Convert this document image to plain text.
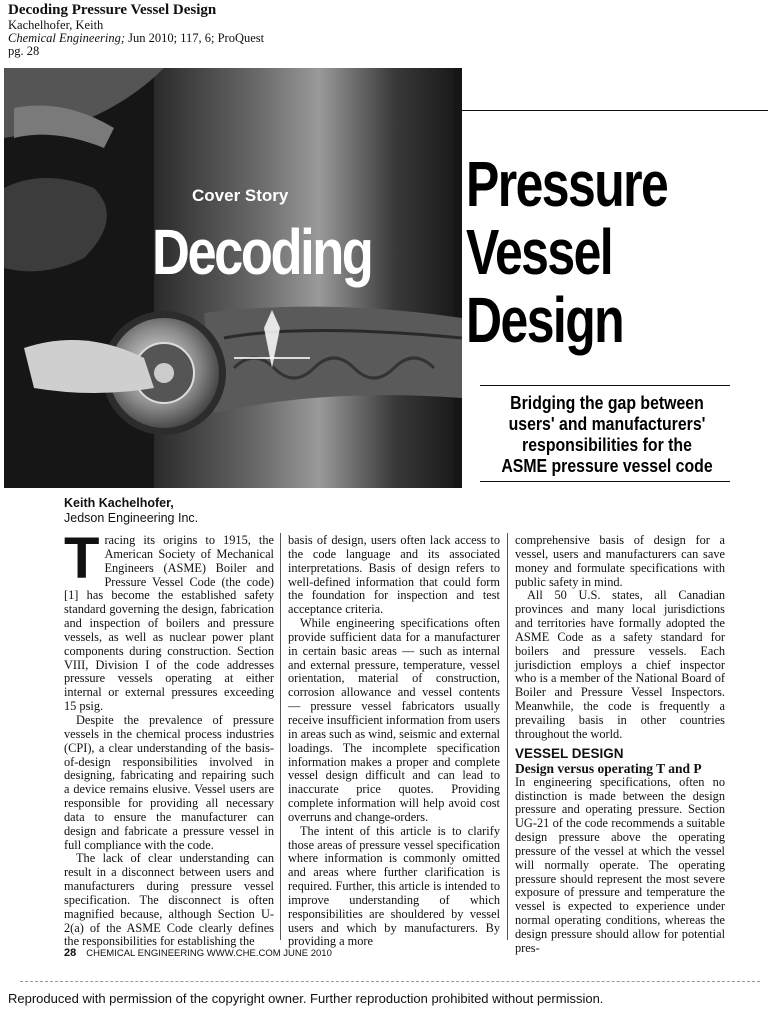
Decoding Pressure Vessel Design
Kachelhofer, Keith
Chemical Engineering; Jun 2010; 117, 6; ProQuest
pg. 28
Cover Story
Decoding
Pressure
Vessel
Design
Bridging the gap between
users' and manufacturers'
responsibilities for the
ASME pressure vessel code
Keith Kachelhofer,
Jedson Engineering Inc.

Tracing its origins to 1915, the American Society of Mechanical Engineers (ASME) Boiler and Pressure Vessel Code (the code) [1] has become the established safety standard governing the design, fabrication and inspection of boilers and pressure vessels, as well as nuclear power plant components during construction. Section VIII, Division I of the code addresses pressure vessels operating at either internal or external pressures exceeding 15 psig.

Despite the prevalence of pressure vessels in the chemical process industries (CPI), a clear understanding of the basis-of-design responsibilities involved in designing, fabricating and repairing such a device remains elusive. Vessel users are responsible for providing all necessary data to ensure the manufacturer can design and fabricate a pressure vessel in full compliance with the code.

The lack of clear understanding can result in a disconnect between users and manufacturers during pressure vessel specification. The disconnect is often magnified because, although Section U-2(a) of the ASME Code clearly defines the responsibilities for establishing the

basis of design, users often lack access to the code language and its associated interpretations. Basis of design refers to well-defined information that could form the foundation for inspection and test acceptance criteria.

While engineering specifications often provide sufficient data for a manufacturer in certain basic areas — such as internal and external pressure, temperature, vessel orientation, material of construction, corrosion allowance and vessel contents — pressure vessel fabricators usually receive insufficient information from users in areas such as wind, seismic and external loadings. The incomplete specification information makes a proper and complete vessel design difficult and can lead to inaccurate price quotes. Providing complete information will help avoid cost overruns and change-orders.

The intent of this article is to clarify those areas of pressure vessel specification where information is commonly omitted and areas where further clarification is required. Further, this article is intended to improve understanding of which responsibilities are shouldered by vessel users and which by manufacturers. By providing a more

comprehensive basis of design for a vessel, users and manufacturers can save money and formulate specifications with public safety in mind.

All 50 U.S. states, all Canadian provinces and many local jurisdictions and territories have formally adopted the ASME Code as a safety standard for boilers and pressure vessels. Each jurisdiction employs a chief inspector who is a member of the National Board of Boiler and Pressure Vessel Inspectors. Meanwhile, the code is frequently a prevailing basis in other countries throughout the world.

VESSEL DESIGN
Design versus operating T and P

In engineering specifications, often no distinction is made between the design pressure and operating pressure. Section UG-21 of the code recommends a suitable design pressure above the operating pressure of the vessel at which the vessel will normally operate. The operating pressure should represent the most severe exposure of pressure and temperature the vessel is expected to experience under normal operating conditions, whereas the design pressure should allow for potential pres-

28 CHEMICAL ENGINEERING WWW.CHE.COM JUNE 2010
Reproduced with permission of the copyright owner. Further reproduction prohibited without permission.
